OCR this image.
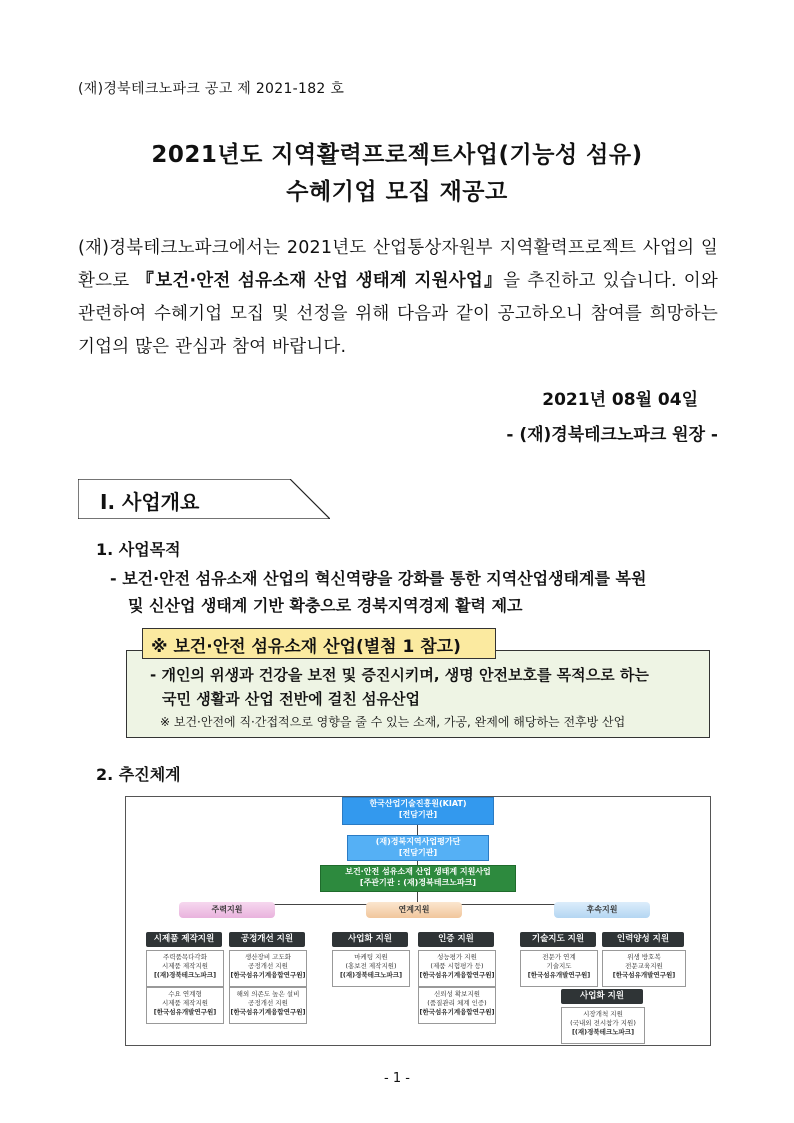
(재)경북테크노파크 공고 제 2021-182 호
2021년도 지역활력프로젝트사업(기능성 섬유)
수혜기업 모집 재공고
(재)경북테크노파크에서는 2021년도 산업통상자원부 지역활력프로젝트 사업의 일환으로 『보건·안전 섬유소재 산업 생태계 지원사업』을 추진하고 있습니다. 이와 관련하여 수혜기업 모집 및 선정을 위해 다음과 같이 공고하오니 참여를 희망하는 기업의 많은 관심과 참여 바랍니다.
2021년 08월 04일
- (재)경북테크노파크 원장 -
Ⅰ. 사업개요
1. 사업목적
- 보건·안전 섬유소재 산업의 혁신역량을 강화를 통한 지역산업생태계를 복원
및 신산업 생태계 기반 확충으로 경북지역경제 활력 제고
※ 보건·안전 섬유소재 산업(별첨 1 참고)
- 개인의 위생과 건강을 보전 및 증진시키며, 생명 안전보호를 목적으로 하는
국민 생활과 산업 전반에 걸친 섬유산업
※ 보건·안전에 직·간접적으로 영향을 줄 수 있는 소재, 가공, 완제에 해당하는 전후방 산업
2. 추진체계
한국산업기술진흥원(KIAT)
[전담기관]
(재)경북지역사업평가단
[전담기관]
보건·안전 섬유소재 산업 생태계 지원사업
[주관기관 : (재)경북테크노파크]
주력지원	연계지원	후속지원
시제품 제작지원	공정개선 지원	사업화 지원	인증 지원	기술지도 지원	인력양성 지원
주력품목다각화
시제품 제작지원
[(재)경북테크노파크]
생산장비 고도화
공정개선 지원
[한국섬유기계융합연구원]
마케팅 지원
(홍보전 제작지원)
[(재)경북테크노파크]
성능평가 지원
(제품 시험평가 등)
[한국섬유기계융합연구원]
전문가 연계
기술지도
[한국섬유개발연구원]
위생 방호복
전문교육지원
[한국섬유개발연구원]
수요 연계형
시제품 제작지원
[한국섬유개발연구원]
해외 의존도 높은 설비
공정개선 지원
[한국섬유기계융합연구원]
신뢰성 확보지원
(품질관리 체계 인증)
[한국섬유기계융합연구원]
사업화 지원
시장개척 지원
(국내외 전시참가 지원)
[(재)경북테크노파크]
- 1 -
